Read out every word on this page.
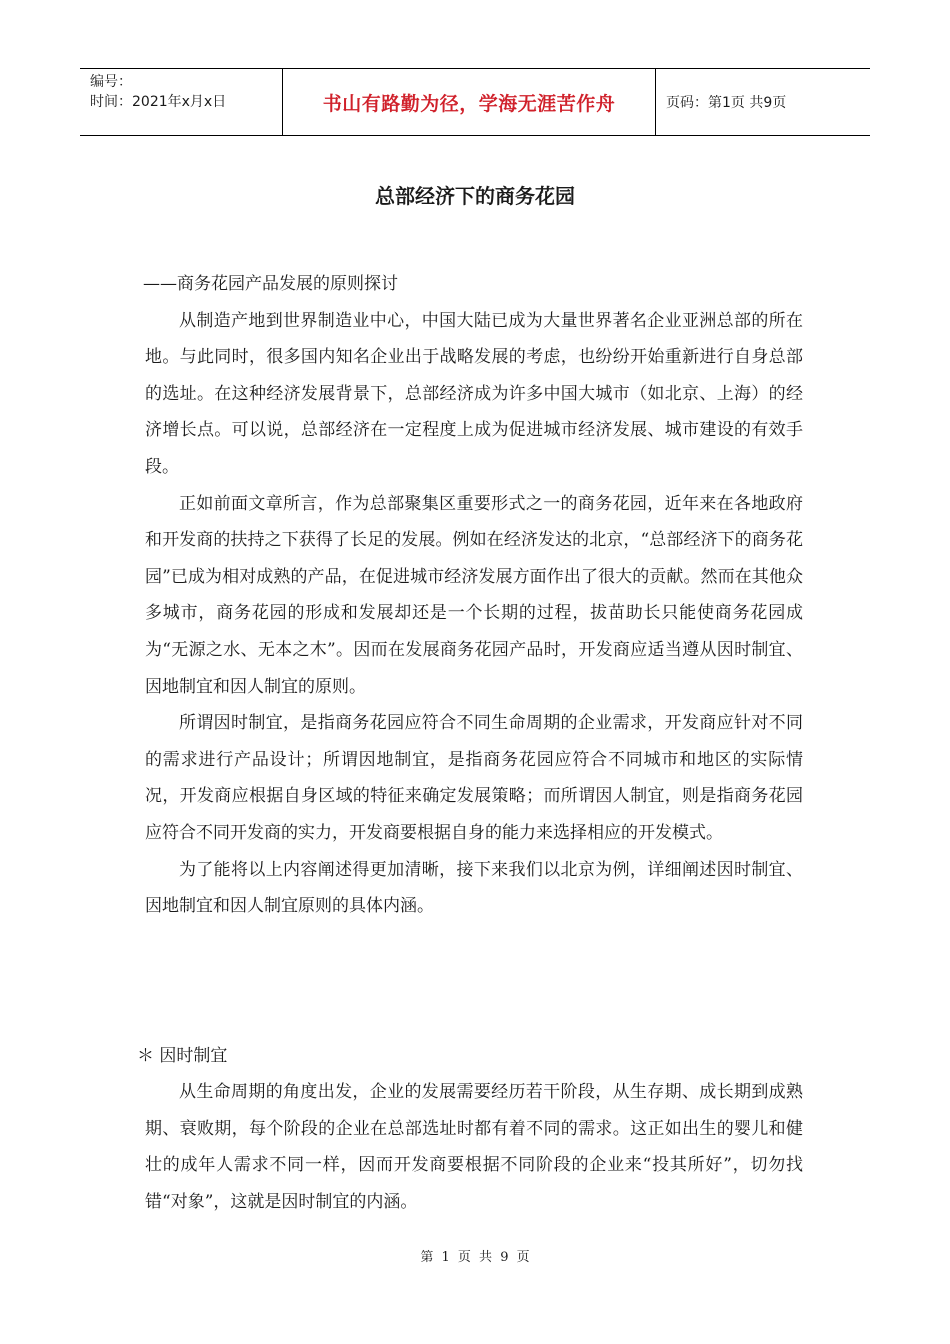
编号：
时间：2021年x月x日	书山有路勤为径，学海无涯苦作舟	页码：第1页 共9页
总部经济下的商务花园

——商务花园产品发展的原则探讨

从制造产地到世界制造业中心，中国大陆已成为大量世界著名企业亚洲总部的所在地。与此同时，很多国内知名企业出于战略发展的考虑，也纷纷开始重新进行自身总部的选址。在这种经济发展背景下，总部经济成为许多中国大城市（如北京、上海）的经济增长点。可以说，总部经济在一定程度上成为促进城市经济发展、城市建设的有效手段。

正如前面文章所言，作为总部聚集区重要形式之一的商务花园，近年来在各地政府和开发商的扶持之下获得了长足的发展。例如在经济发达的北京，“总部经济下的商务花园”已成为相对成熟的产品，在促进城市经济发展方面作出了很大的贡献。然而在其他众多城市，商务花园的形成和发展却还是一个长期的过程，拔苗助长只能使商务花园成为“无源之水、无本之木”。因而在发展商务花园产品时，开发商应适当遵从因时制宜、因地制宜和因人制宜的原则。

所谓因时制宜，是指商务花园应符合不同生命周期的企业需求，开发商应针对不同的需求进行产品设计；所谓因地制宜，是指商务花园应符合不同城市和地区的实际情况，开发商应根据自身区域的特征来确定发展策略；而所谓因人制宜，则是指商务花园应符合不同开发商的实力，开发商要根据自身的能力来选择相应的开发模式。

为了能将以上内容阐述得更加清晰，接下来我们以北京为例，详细阐述因时制宜、因地制宜和因人制宜原则的具体内涵。

＊ 因时制宜

从生命周期的角度出发，企业的发展需要经历若干阶段，从生存期、成长期到成熟期、衰败期，每个阶段的企业在总部选址时都有着不同的需求。这正如出生的婴儿和健壮的成年人需求不同一样，因而开发商要根据不同阶段的企业来“投其所好”，切勿找错“对象”，这就是因时制宜的内涵。

第 1 页 共 9 页
